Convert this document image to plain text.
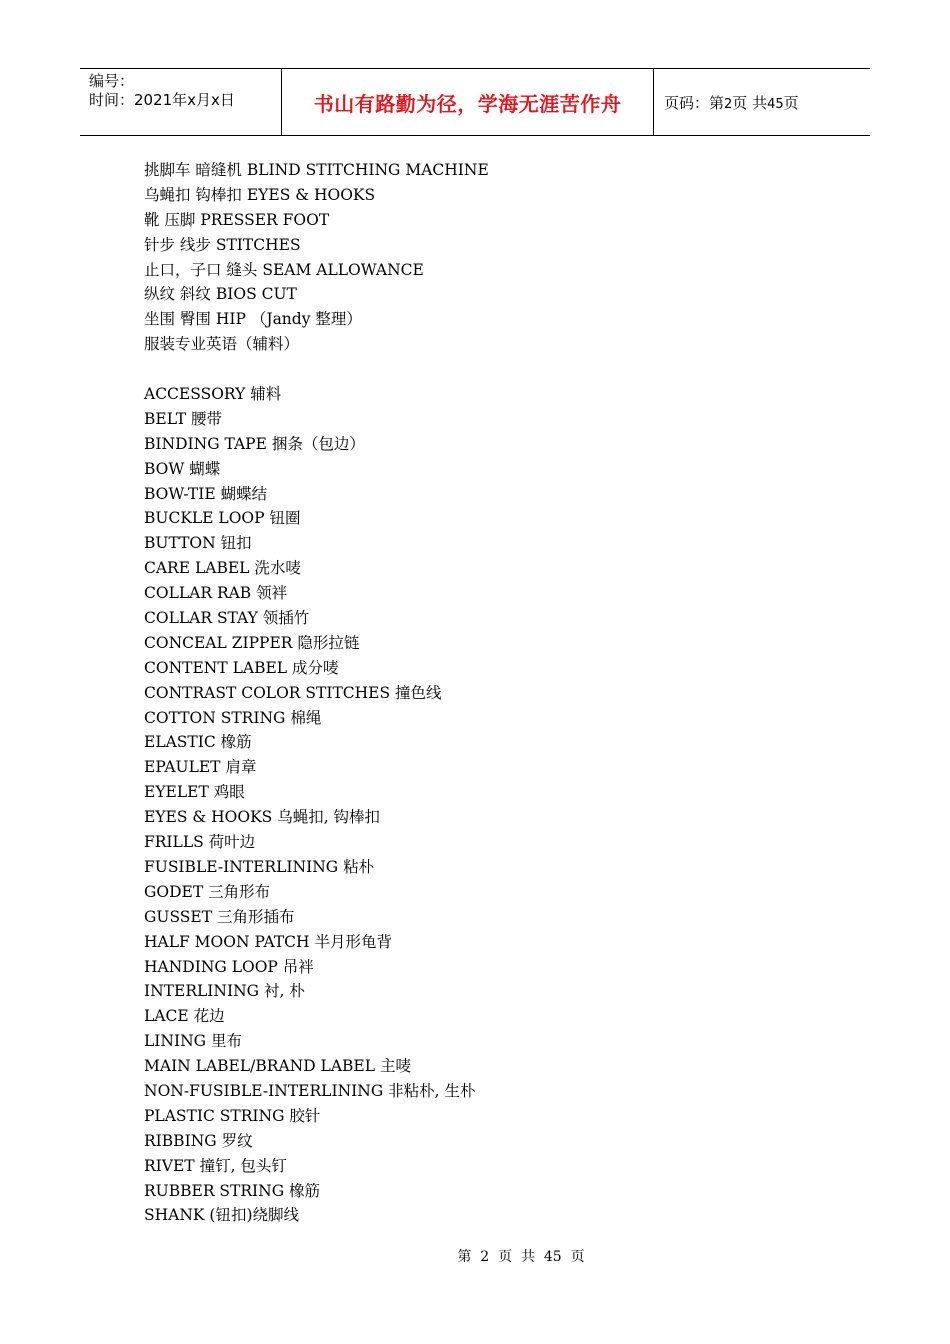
编号：
时间：2021年x月x日	书山有路勤为径，学海无涯苦作舟	页码：第2页 共45页
挑脚车 暗缝机 BLIND STITCHING MACHINE
乌蝇扣 钩棒扣 EYES & HOOKS
靴 压脚 PRESSER FOOT
针步 线步 STITCHES
止口，子口 缝头 SEAM ALLOWANCE
纵纹 斜纹 BIOS CUT
坐围 臀围 HIP （Jandy 整理）
服装专业英语（辅料）
ACCESSORY 辅料
BELT 腰带
BINDING TAPE 捆条（包边）
BOW 蝴蝶
BOW-TIE 蝴蝶结
BUCKLE LOOP 钮圈
BUTTON 钮扣
CARE LABEL 洗水唛
COLLAR RAB 领袢
COLLAR STAY 领插竹
CONCEAL ZIPPER 隐形拉链
CONTENT LABEL 成分唛
CONTRAST COLOR STITCHES 撞色线
COTTON STRING 棉绳
ELASTIC 橡筋
EPAULET 肩章
EYELET 鸡眼
EYES & HOOKS 乌蝇扣, 钩棒扣
FRILLS 荷叶边
FUSIBLE-INTERLINING 粘朴
GODET 三角形布
GUSSET 三角形插布
HALF MOON PATCH 半月形龟背
HANDING LOOP 吊袢
INTERLINING 衬, 朴
LACE 花边
LINING 里布
MAIN LABEL/BRAND LABEL 主唛
NON-FUSIBLE-INTERLINING 非粘朴, 生朴
PLASTIC STRING 胶针
RIBBING 罗纹
RIVET 撞钉, 包头钉
RUBBER STRING 橡筋
SHANK (钮扣)绕脚线
第  2  页  共  45  页
